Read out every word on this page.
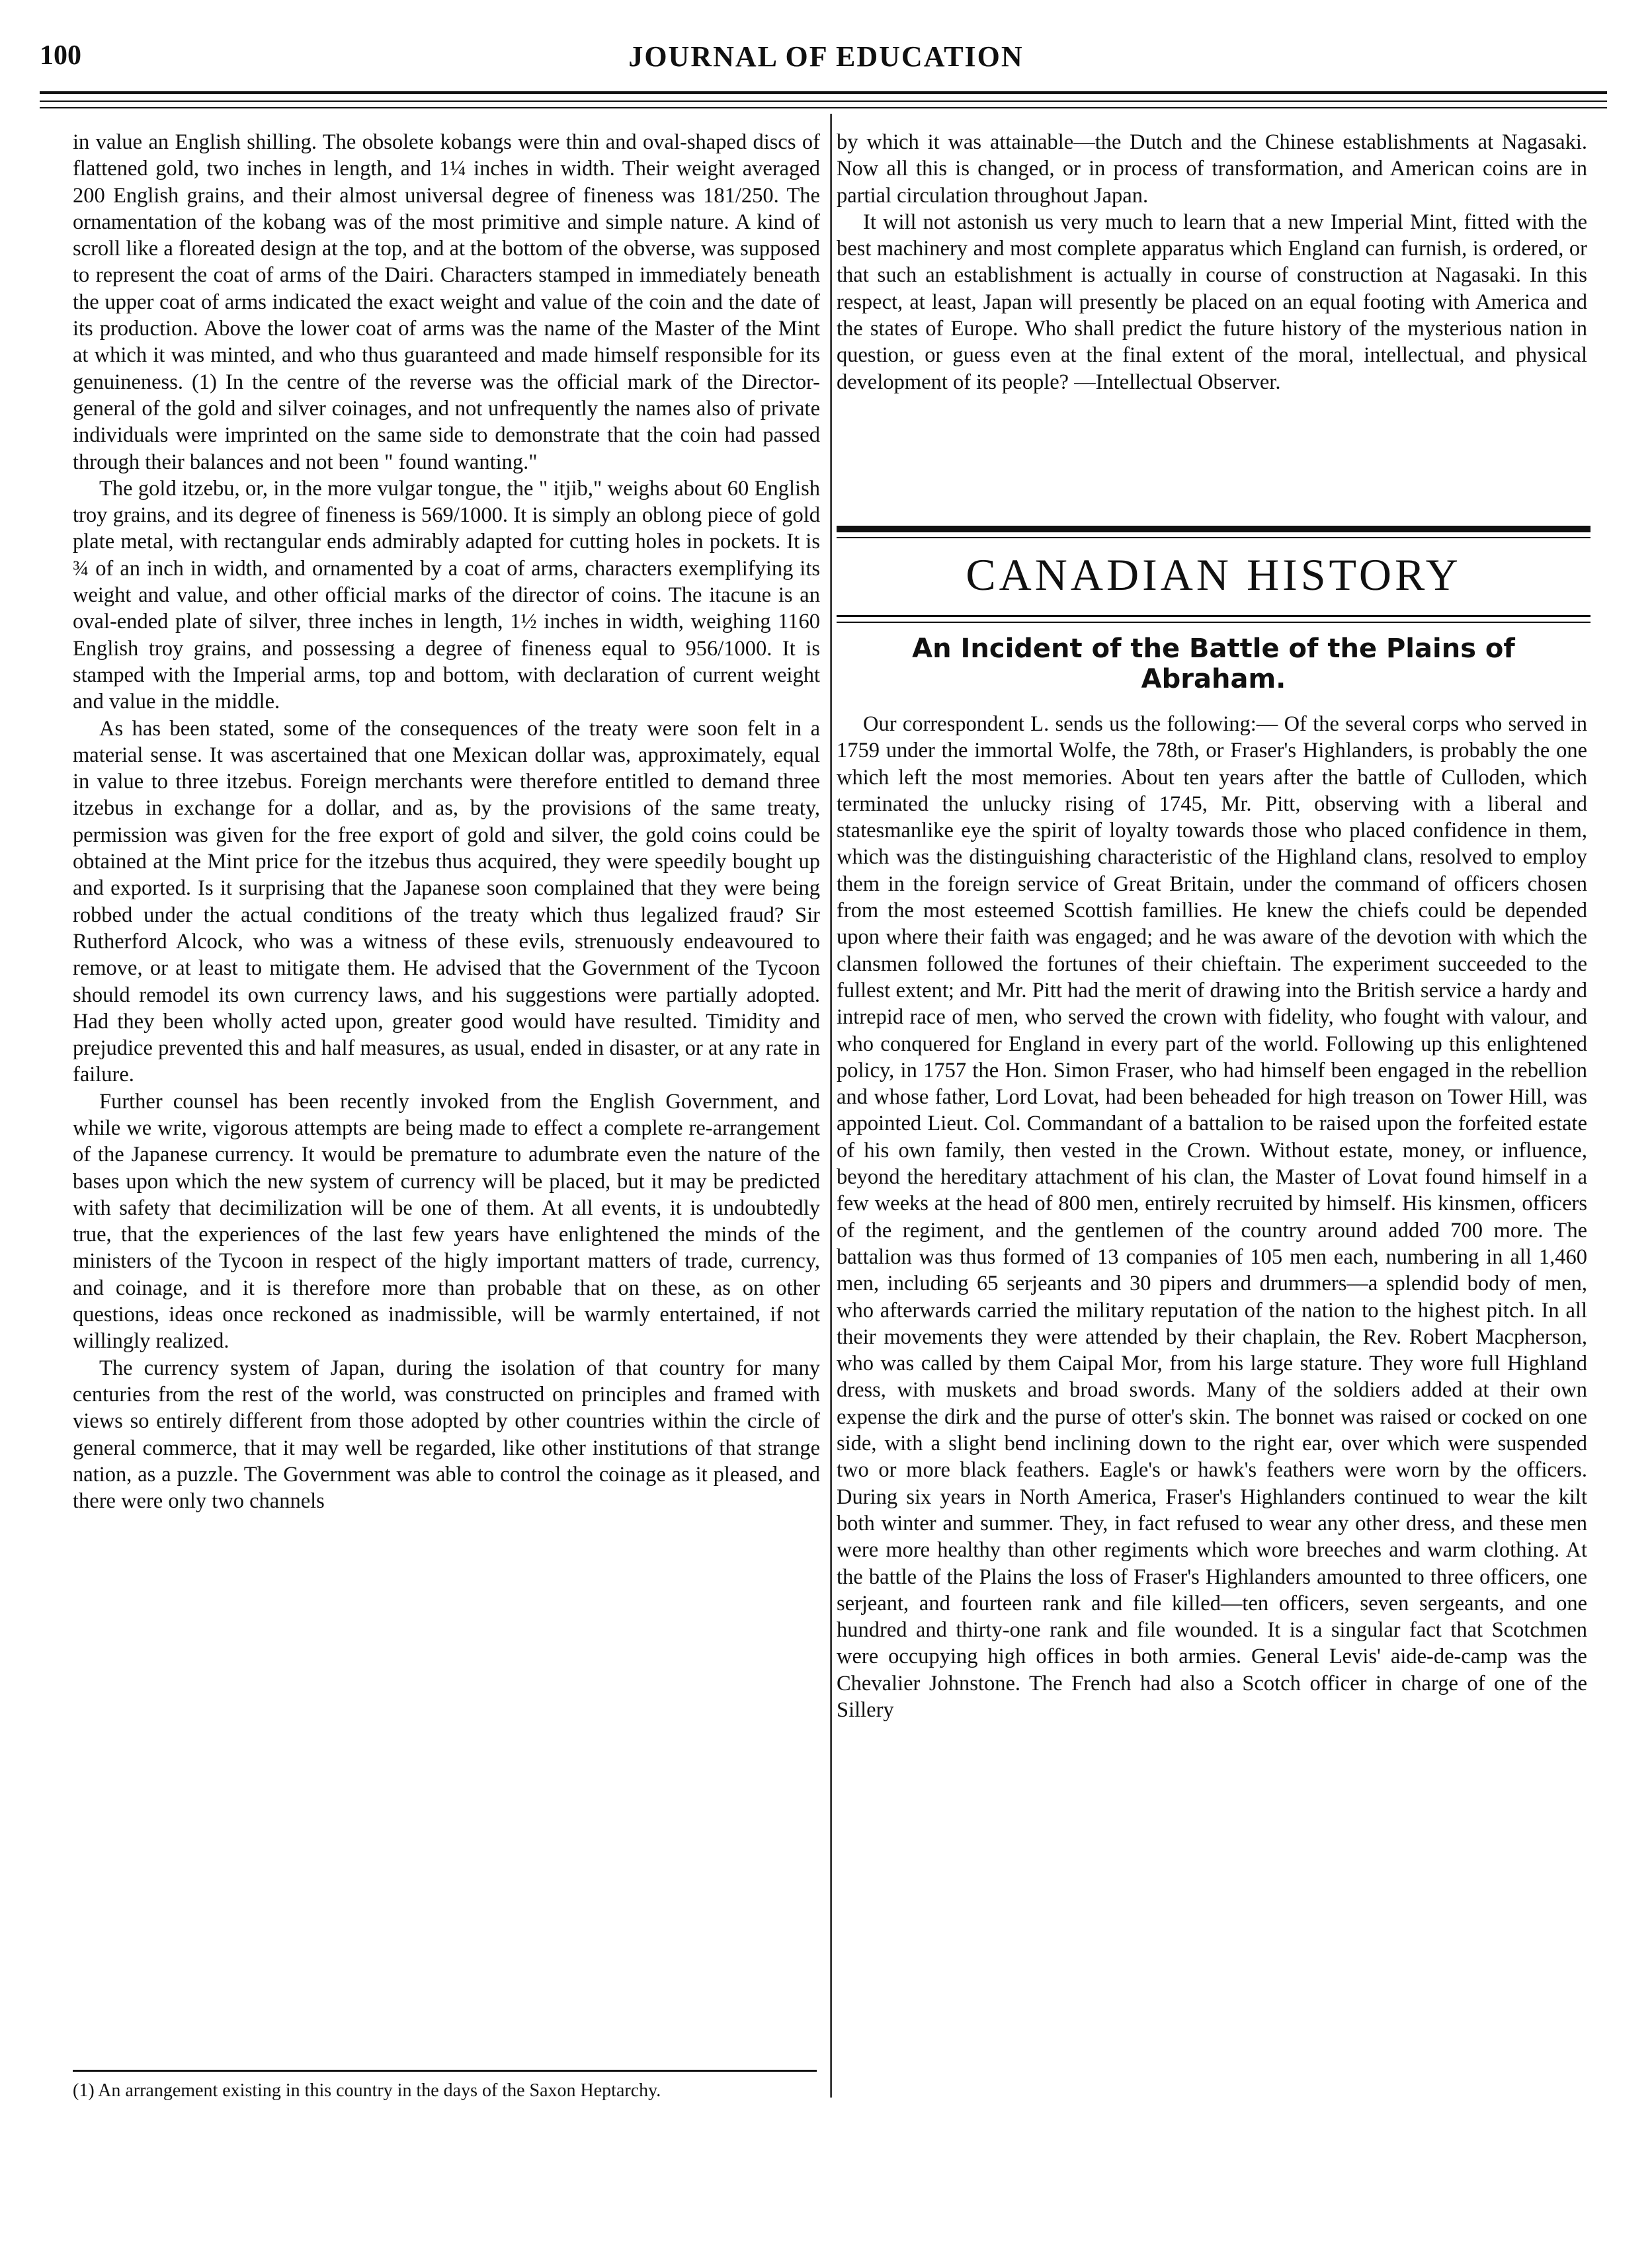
100	JOURNAL OF EDUCATION

in value an English shilling. The obsolete kobangs were thin and oval-shaped discs of flattened gold, two inches in length, and 1¼ inches in width. Their weight averaged 200 English grains, and their almost universal degree of fineness was 181/250. The ornamentation of the kobang was of the most primitive and simple nature. A kind of scroll like a floreated design at the top, and at the bottom of the obverse, was supposed to represent the coat of arms of the Dairi. Characters stamped in immediately beneath the upper coat of arms indicated the exact weight and value of the coin and the date of its production. Above the lower coat of arms was the name of the Master of the Mint at which it was minted, and who thus guaranteed and made himself responsible for its genuineness. (1) In the centre of the reverse was the official mark of the Director-general of the gold and silver coinages, and not unfrequently the names also of private individuals were imprinted on the same side to demonstrate that the coin had passed through their balances and not been " found wanting."

The gold itzebu, or, in the more vulgar tongue, the " itjib," weighs about 60 English troy grains, and its degree of fineness is 569/1000. It is simply an oblong piece of gold plate metal, with rectangular ends admirably adapted for cutting holes in pockets. It is ¾ of an inch in width, and ornamented by a coat of arms, characters exemplifying its weight and value, and other official marks of the director of coins. The itacune is an oval-ended plate of silver, three inches in length, 1½ inches in width, weighing 1160 English troy grains, and possessing a degree of fineness equal to 956/1000. It is stamped with the Imperial arms, top and bottom, with declaration of current weight and value in the middle.

As has been stated, some of the consequences of the treaty were soon felt in a material sense. It was ascertained that one Mexican dollar was, approximately, equal in value to three itzebus. Foreign merchants were therefore entitled to demand three itzebus in exchange for a dollar, and as, by the provisions of the same treaty, permission was given for the free export of gold and silver, the gold coins could be obtained at the Mint price for the itzebus thus acquired, they were speedily bought up and exported. Is it surprising that the Japanese soon complained that they were being robbed under the actual conditions of the treaty which thus legalized fraud? Sir Rutherford Alcock, who was a witness of these evils, strenuously endeavoured to remove, or at least to mitigate them. He advised that the Government of the Tycoon should remodel its own currency laws, and his suggestions were partially adopted. Had they been wholly acted upon, greater good would have resulted. Timidity and prejudice prevented this and half measures, as usual, ended in disaster, or at any rate in failure.

Further counsel has been recently invoked from the English Government, and while we write, vigorous attempts are being made to effect a complete re-arrangement of the Japanese currency. It would be premature to adumbrate even the nature of the bases upon which the new system of currency will be placed, but it may be predicted with safety that decimilization will be one of them. At all events, it is undoubtedly true, that the experiences of the last few years have enlightened the minds of the ministers of the Tycoon in respect of the higly important matters of trade, currency, and coinage, and it is therefore more than probable that on these, as on other questions, ideas once reckoned as inadmissible, will be warmly entertained, if not willingly realized.

The currency system of Japan, during the isolation of that country for many centuries from the rest of the world, was constructed on principles and framed with views so entirely different from those adopted by other countries within the circle of general commerce, that it may well be regarded, like other institutions of that strange nation, as a puzzle. The Government was able to control the coinage as it pleased, and there were only two channels

(1) An arrangement existing in this country in the days of the Saxon Heptarchy.

by which it was attainable—the Dutch and the Chinese establishments at Nagasaki. Now all this is changed, or in process of transformation, and American coins are in partial circulation throughout Japan.

It will not astonish us very much to learn that a new Imperial Mint, fitted with the best machinery and most complete apparatus which England can furnish, is ordered, or that such an establishment is actually in course of construction at Nagasaki. In this respect, at least, Japan will presently be placed on an equal footing with America and the states of Europe. Who shall predict the future history of the mysterious nation in question, or guess even at the final extent of the moral, intellectual, and physical development of its people? —Intellectual Observer.

CANADIAN HISTORY
An Incident of the Battle of the Plains of Abraham.

Our correspondent L. sends us the following:— Of the several corps who served in 1759 under the immortal Wolfe, the 78th, or Fraser's Highlanders, is probably the one which left the most memories. About ten years after the battle of Culloden, which terminated the unlucky rising of 1745, Mr. Pitt, observing with a liberal and statesmanlike eye the spirit of loyalty towards those who placed confidence in them, which was the distinguishing characteristic of the Highland clans, resolved to employ them in the foreign service of Great Britain, under the command of officers chosen from the most esteemed Scottish famillies. He knew the chiefs could be depended upon where their faith was engaged; and he was aware of the devotion with which the clansmen followed the fortunes of their chieftain. The experiment succeeded to the fullest extent; and Mr. Pitt had the merit of drawing into the British service a hardy and intrepid race of men, who served the crown with fidelity, who fought with valour, and who conquered for England in every part of the world. Following up this enlightened policy, in 1757 the Hon. Simon Fraser, who had himself been engaged in the rebellion and whose father, Lord Lovat, had been beheaded for high treason on Tower Hill, was appointed Lieut. Col. Commandant of a battalion to be raised upon the forfeited estate of his own family, then vested in the Crown. Without estate, money, or influence, beyond the hereditary attachment of his clan, the Master of Lovat found himself in a few weeks at the head of 800 men, entirely recruited by himself. His kinsmen, officers of the regiment, and the gentlemen of the country around added 700 more. The battalion was thus formed of 13 companies of 105 men each, numbering in all 1,460 men, including 65 serjeants and 30 pipers and drummers—a splendid body of men, who afterwards carried the military reputation of the nation to the highest pitch. In all their movements they were attended by their chaplain, the Rev. Robert Macpherson, who was called by them Caipal Mor, from his large stature. They wore full Highland dress, with muskets and broad swords. Many of the soldiers added at their own expense the dirk and the purse of otter's skin. The bonnet was raised or cocked on one side, with a slight bend inclining down to the right ear, over which were suspended two or more black feathers. Eagle's or hawk's feathers were worn by the officers. During six years in North America, Fraser's Highlanders continued to wear the kilt both winter and summer. They, in fact refused to wear any other dress, and these men were more healthy than other regiments which wore breeches and warm clothing. At the battle of the Plains the loss of Fraser's Highlanders amounted to three officers, one serjeant, and fourteen rank and file killed—ten officers, seven sergeants, and one hundred and thirty-one rank and file wounded. It is a singular fact that Scotchmen were occupying high offices in both armies. General Levis' aide-de-camp was the Chevalier Johnstone. The French had also a Scotch officer in charge of one of the Sillery
